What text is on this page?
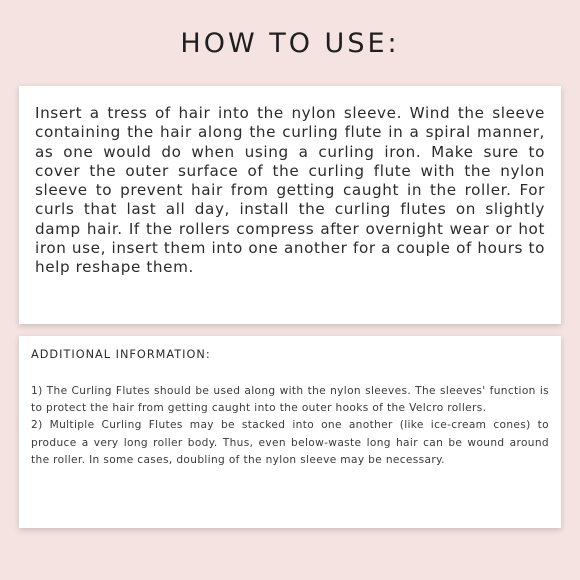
HOW TO USE:

Insert a tress of hair into the nylon sleeve. Wind the sleeve containing the hair along the curling flute in a spiral manner, as one would do when using a curling iron. Make sure to cover the outer surface of the curling flute with the nylon sleeve to prevent hair from getting caught in the roller. For curls that last all day, install the curling flutes on slightly damp hair. If the rollers compress after overnight wear or hot iron use, insert them into one another for a couple of hours to help reshape them.

ADDITIONAL INFORMATION:

1) The Curling Flutes should be used along with the nylon sleeves. The sleeves' function is to protect the hair from getting caught into the outer hooks of the Velcro rollers.

2) Multiple Curling Flutes may be stacked into one another (like ice-cream cones) to produce a very long roller body. Thus, even below-waste long hair can be wound around the roller. In some cases, doubling of the nylon sleeve may be necessary.
